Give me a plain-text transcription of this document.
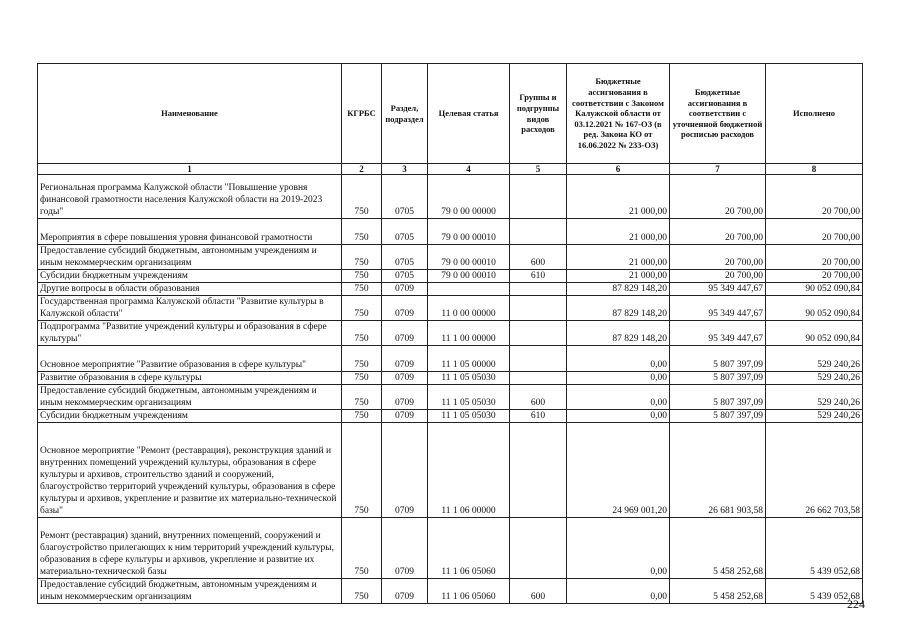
Наименование	КГРБС	Раздел, подраздел	Целевая статья	Группы и подгруппы видов расходов	Бюджетные ассигнования в соответствии с Законом Калужской области от 03.12.2021 № 167-ОЗ (в ред. Закона КО от 16.06.2022 № 233-ОЗ)	Бюджетные ассигнования в соответствии с уточненной бюджетной росписью расходов	Исполнено
1	2	3	4	5	6	7	8
Региональная программа Калужской области "Повышение уровня финансовой грамотности населения Калужской области на 2019-2023 годы"	750	0705	79 0 00 00000		21 000,00	20 700,00	20 700,00
Мероприятия в сфере повышения уровня финансовой грамотности	750	0705	79 0 00 00010		21 000,00	20 700,00	20 700,00
Предоставление субсидий бюджетным, автономным учреждениям и иным некоммерческим организациям	750	0705	79 0 00 00010	600	21 000,00	20 700,00	20 700,00
Субсидии бюджетным учреждениям	750	0705	79 0 00 00010	610	21 000,00	20 700,00	20 700,00
Другие вопросы в области образования	750	0709			87 829 148,20	95 349 447,67	90 052 090,84
Государственная программа Калужской области "Развитие культуры в Калужской области"	750	0709	11 0 00 00000		87 829 148,20	95 349 447,67	90 052 090,84
Подпрограмма "Развитие учреждений культуры и образования в сфере культуры"	750	0709	11 1 00 00000		87 829 148,20	95 349 447,67	90 052 090,84
Основное мероприятие "Развитие образования в сфере культуры"	750	0709	11 1 05 00000		0,00	5 807 397,09	529 240,26
Развитие образования в сфере культуры	750	0709	11 1 05 05030		0,00	5 807 397,09	529 240,26
Предоставление субсидий бюджетным, автономным учреждениям и иным некоммерческим организациям	750	0709	11 1 05 05030	600	0,00	5 807 397,09	529 240,26
Субсидии бюджетным учреждениям	750	0709	11 1 05 05030	610	0,00	5 807 397,09	529 240,26
Основное мероприятие "Ремонт (реставрация), реконструкция зданий и внутренних помещений учреждений культуры, образования в сфере культуры и архивов, строительство зданий и сооружений, благоустройство территорий учреждений культуры, образования в сфере культуры и архивов, укрепление и развитие их материально-технической базы"	750	0709	11 1 06 00000		24 969 001,20	26 681 903,58	26 662 703,58
Ремонт (реставрация) зданий, внутренних помещений, сооружений и благоустройство прилегающих к ним территорий учреждений культуры, образования в сфере культуры и архивов, укрепление и развитие их материально-технической базы	750	0709	11 1 06 05060		0,00	5 458 252,68	5 439 052,68
Предоставление субсидий бюджетным, автономным учреждениям и иным некоммерческим организациям	750	0709	11 1 06 05060	600	0,00	5 458 252,68	5 439 052,68
224
